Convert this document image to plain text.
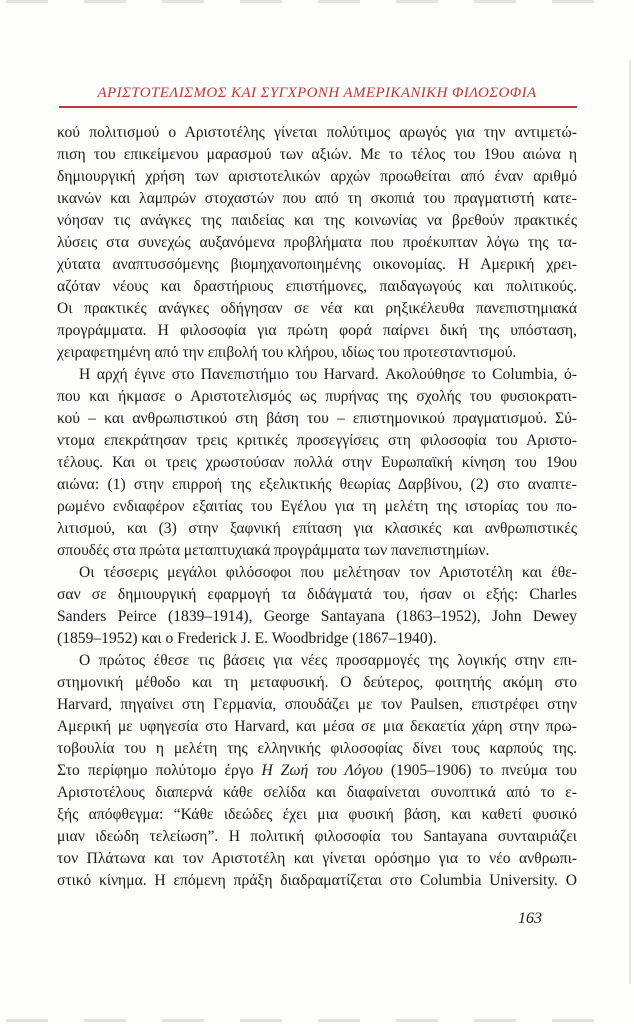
ΑΡΙΣΤΟΤΕΛΙΣΜΟΣ ΚΑΙ ΣΥΓΧΡΟΝΗ ΑΜΕΡΙΚΑΝΙΚΗ ΦΙΛΟΣΟΦΙΑ
κού πολιτισμού ο Αριστοτέλης γίνεται πολύτιμος αρωγός για την αντιμετώ-
πιση του επικείμενου μαρασμού των αξιών. Με το τέλος του 19ου αιώνα η
δημιουργική χρήση των αριστοτελικών αρχών προωθείται από έναν αριθμό
ικανών και λαμπρών στοχαστών που από τη σκοπιά του πραγματιστή κατε-
νόησαν τις ανάγκες της παιδείας και της κοινωνίας να βρεθούν πρακτικές
λύσεις στα συνεχώς αυξανόμενα προβλήματα που προέκυπταν λόγω της τα-
χύτατα αναπτυσσόμενης βιομηχανοποιημένης οικονομίας. Η Αμερική χρει-
αζόταν νέους και δραστήριους επιστήμονες, παιδαγωγούς και πολιτικούς.
Οι πρακτικές ανάγκες οδήγησαν σε νέα και ρηξικέλευθα πανεπιστημιακά
προγράμματα. Η φιλοσοφία για πρώτη φορά παίρνει δική της υπόσταση,
χειραφετημένη από την επιβολή του κλήρου, ιδίως του προτεσταντισμού.
Η αρχή έγινε στο Πανεπιστήμιο του Harvard. Ακολούθησε το Columbia, ό-
που και ήκμασε ο Αριστοτελισμός ως πυρήνας της σχολής του φυσιοκρατι-
κού – και ανθρωπιστικού στη βάση του – επιστημονικού πραγματισμού. Σύ-
ντομα επεκράτησαν τρεις κριτικές προσεγγίσεις στη φιλοσοφία του Αριστο-
τέλους. Και οι τρεις χρωστούσαν πολλά στην Ευρωπαϊκή κίνηση του 19ου
αιώνα: (1) στην επιρροή της εξελικτικής θεωρίας Δαρβίνου, (2) στο αναπτε-
ρωμένο ενδιαφέρον εξαιτίας του Εγέλου για τη μελέτη της ιστορίας του πο-
λιτισμού, και (3) στην ξαφνική επίταση για κλασικές και ανθρωπιστικές
σπουδές στα πρώτα μεταπτυχιακά προγράμματα των πανεπιστημίων.
Οι τέσσερις μεγάλοι φιλόσοφοι που μελέτησαν τον Αριστοτέλη και έθε-
σαν σε δημιουργική εφαρμογή τα διδάγματά του, ήσαν οι εξής: Charles
Sanders Peirce (1839–1914), George Santayana (1863–1952), John Dewey
(1859–1952) και ο Frederick J. E. Woodbridge (1867–1940).
Ο πρώτος έθεσε τις βάσεις για νέες προσαρμογές της λογικής στην επι-
στημονική μέθοδο και τη μεταφυσική. Ο δεύτερος, φοιτητής ακόμη στο
Harvard, πηγαίνει στη Γερμανία, σπουδάζει με τον Paulsen, επιστρέφει στην
Αμερική με υφηγεσία στο Harvard, και μέσα σε μια δεκαετία χάρη στην πρω-
τοβουλία του η μελέτη της ελληνικής φιλοσοφίας δίνει τους καρπούς της.
Στο περίφημο πολύτομο έργο Η Ζωή του Λόγου (1905–1906) το πνεύμα του
Αριστοτέλους διαπερνά κάθε σελίδα και διαφαίνεται συνοπτικά από το ε-
ξής απόφθεγμα: “Κάθε ιδεώδες έχει μια φυσική βάση, και καθετί φυσικό
μιαν ιδεώδη τελείωση”. Η πολιτική φιλοσοφία του Santayana συνταιριάζει
τον Πλάτωνα και τον Αριστοτέλη και γίνεται ορόσημο για το νέο ανθρωπι-
στικό κίνημα. Η επόμενη πράξη διαδραματίζεται στο Columbia University. Ο
163
